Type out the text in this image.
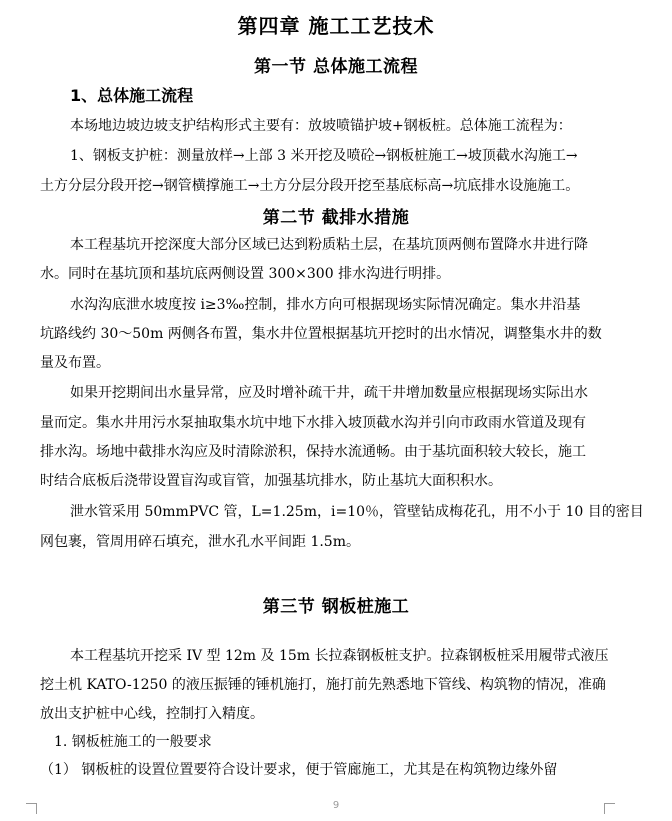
第四章 施工工艺技术
第一节 总体施工流程
1、总体施工流程
本场地边坡边坡支护结构形式主要有：放坡喷锚护坡+钢板桩。总体施工流程为：
1、钢板支护桩：测量放样→上部 3 米开挖及喷砼→钢板桩施工→坡顶截水沟施工→
土方分层分段开挖→钢管横撑施工→土方分层分段开挖至基底标高→坑底排水设施施工。
第二节 截排水措施
本工程基坑开挖深度大部分区域已达到粉质粘土层，在基坑顶两侧布置降水井进行降
水。同时在基坑顶和基坑底两侧设置 300×300 排水沟进行明排。
水沟沟底泄水坡度按 i≥3‰控制，排水方向可根据现场实际情况确定。集水井沿基
坑路线约 30～50m 两侧各布置，集水井位置根据基坑开挖时的出水情况，调整集水井的数
量及布置。
如果开挖期间出水量异常，应及时增补疏干井，疏干井增加数量应根据现场实际出水
量而定。集水井用污水泵抽取集水坑中地下水排入坡顶截水沟并引向市政雨水管道及现有
排水沟。场地中截排水沟应及时清除淤积，保持水流通畅。由于基坑面积较大较长，施工
时结合底板后浇带设置盲沟或盲管，加强基坑排水，防止基坑大面积积水。
泄水管采用 50mmPVC 管，L=1.25m，i=10％，管壁钻成梅花孔，用不小于 10 目的密目
网包裹，管周用碎石填充，泄水孔水平间距 1.5m。
第三节 钢板桩施工
本工程基坑开挖采 IV 型 12m 及 15m 长拉森钢板桩支护。拉森钢板桩采用履带式液压
挖土机 KATO-1250 的液压振锤的锤机施打，施打前先熟悉地下管线、构筑物的情况，准确
放出支护桩中心线，控制打入精度。
1. 钢板桩施工的一般要求
（1） 钢板桩的设置位置要符合设计要求，便于管廊施工，尤其是在构筑物边缘外留
9
